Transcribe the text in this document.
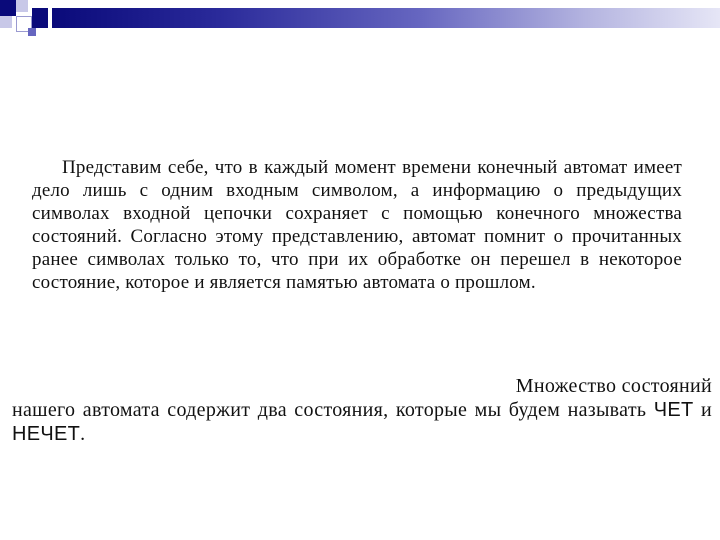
Представим себе, что в каждый момент времени конечный автомат имеет дело лишь с одним входным символом, а информацию о предыдущих символах входной цепочки сохраняет с помощью конечного множества состояний. Согласно этому представлению, автомат помнит о прочитанных ранее символах только то, что при их обработке он перешел в некоторое состояние, которое и является памятью автомата о прошлом.
Множество состояний
нашего автомата содержит два состояния, которые мы будем называть ЧЕТ и НЕЧЕТ.
